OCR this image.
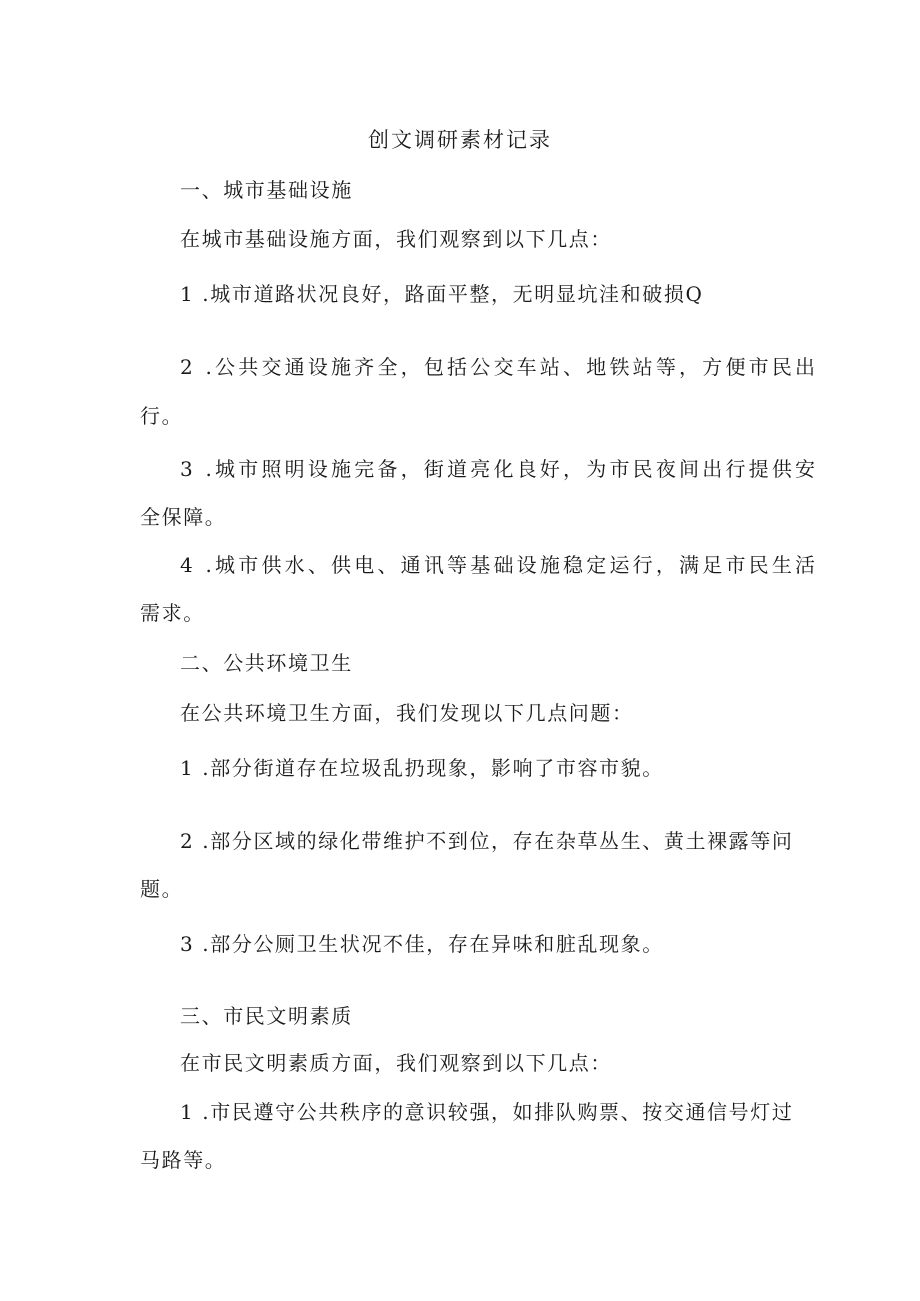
创文调研素材记录
一、城市基础设施
在城市基础设施方面，我们观察到以下几点：
1 .城市道路状况良好，路面平整，无明显坑洼和破损Q
2 .公共交通设施齐全，包括公交车站、地铁站等，方便市民出
行。
3 .城市照明设施完备，街道亮化良好，为市民夜间出行提供安
全保障。
4 .城市供水、供电、通讯等基础设施稳定运行，满足市民生活
需求。
二、公共环境卫生
在公共环境卫生方面，我们发现以下几点问题：
1 .部分街道存在垃圾乱扔现象，影响了市容市貌。
2 .部分区域的绿化带维护不到位，存在杂草丛生、黄土裸露等问
题。
3 .部分公厕卫生状况不佳，存在异味和脏乱现象。
三、市民文明素质
在市民文明素质方面，我们观察到以下几点：
1 .市民遵守公共秩序的意识较强，如排队购票、按交通信号灯过
马路等。
